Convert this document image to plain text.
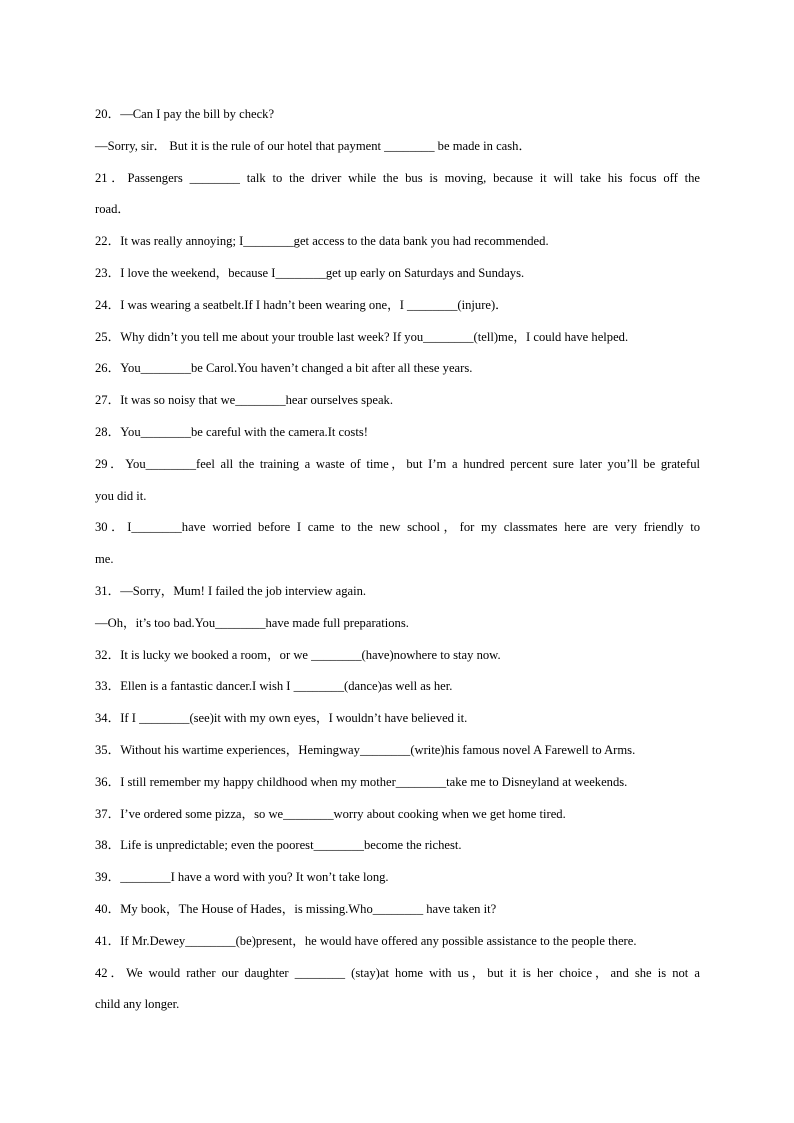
20．—Can I pay the bill by check?
—Sorry, sir． But it is the rule of our hotel that payment ________ be made in cash．
21．Passengers ________ talk to the driver while the bus is moving, because it will take his focus off the
road．
22．It was really annoying; I________get access to the data bank you had recommended.
23．I love the weekend，because I________get up early on Saturdays and Sundays.
24．I was wearing a seatbelt.If I hadn’t been wearing one，I ________(injure)．
25．Why didn’t you tell me about your trouble last week? If you________(tell)me，I could have helped.
26．You________be Carol.You haven’t changed a bit after all these years.
27．It was so noisy that we________hear ourselves speak.
28．You________be careful with the camera.It costs!
29．You________feel all the training a waste of time，but I’m a hundred percent sure later you’ll be grateful
you did it.
30．I________have worried before I came to the new school，for my classmates here are very friendly to
me.
31．—Sorry，Mum! I failed the job interview again.
—Oh，it’s too bad.You________have made full preparations.
32．It is lucky we booked a room，or we ________(have)nowhere to stay now.
33．Ellen is a fantastic dancer.I wish I ________(dance)as well as her.
34．If I ________(see)it with my own eyes，I wouldn’t have believed it.
35．Without his wartime experiences，Hemingway________(write)his famous novel A Farewell to Arms.
36．I still remember my happy childhood when my mother________take me to Disneyland at weekends.
37．I’ve ordered some pizza，so we________worry about cooking when we get home tired.
38．Life is unpredictable; even the poorest________become the richest.
39．________I have a word with you? It won’t take long.
40．My book，The House of Hades，is missing.Who________ have taken it?
41．If Mr.Dewey________(be)present，he would have offered any possible assistance to the people there.
42．We would rather our daughter ________ (stay)at home with us，but it is her choice，and she is not a
child any longer.
